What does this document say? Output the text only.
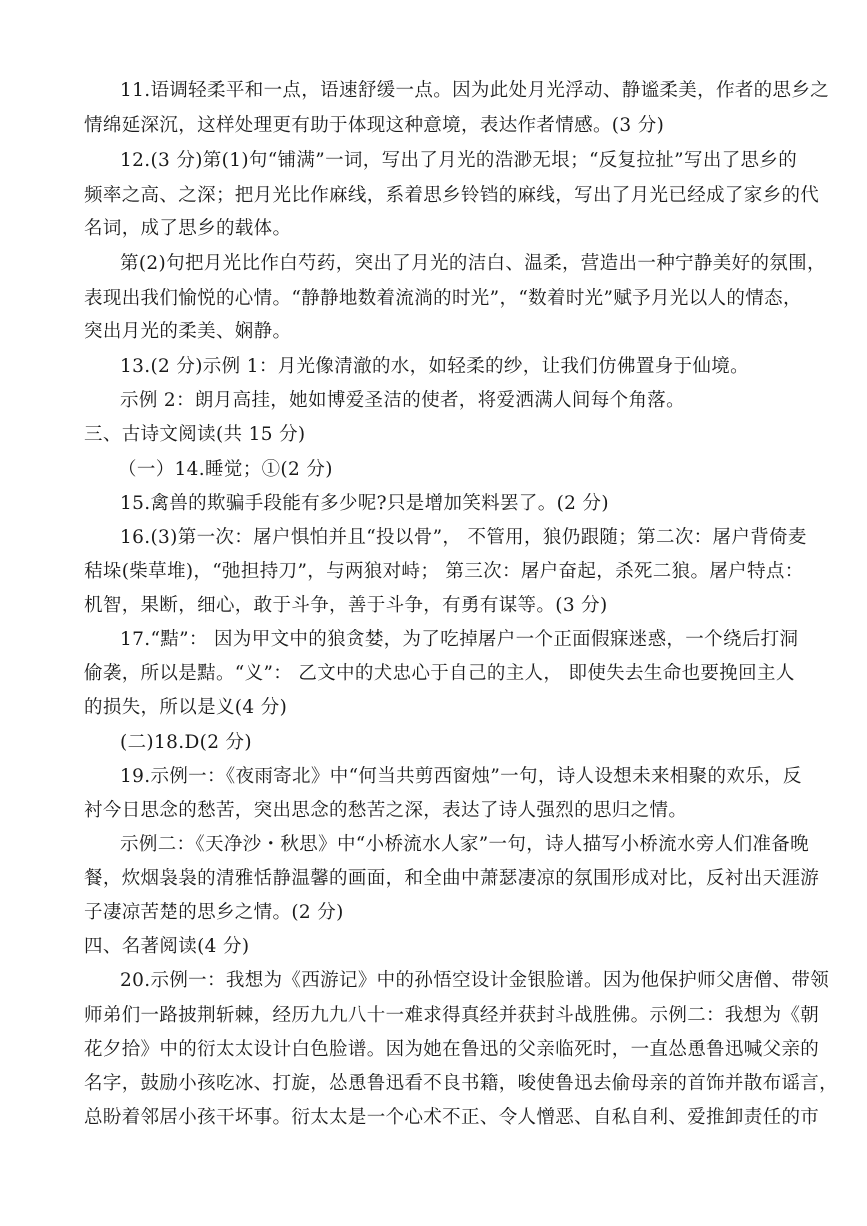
11.语调轻柔平和一点，语速舒缓一点。因为此处月光浮动、静谧柔美，作者的思乡之
情绵延深沉，这样处理更有助于体现这种意境，表达作者情感。(3 分)
12.(3 分)第(1)句“铺满”一词，写出了月光的浩渺无垠；“反复拉扯”写出了思乡的
频率之高、之深；把月光比作麻线，系着思乡铃铛的麻线，写出了月光已经成了家乡的代
名词，成了思乡的载体。
第(2)句把月光比作白芍药，突出了月光的洁白、温柔，营造出一种宁静美好的氛围，
表现出我们愉悦的心情。“静静地数着流淌的时光”，“数着时光”赋予月光以人的情态，
突出月光的柔美、娴静。
13.(2 分)示例 1：月光像清澈的水，如轻柔的纱，让我们仿佛置身于仙境。
示例 2：朗月高挂，她如博爱圣洁的使者，将爱洒满人间每个角落。
三、古诗文阅读(共 15 分)
（一）14.睡觉；①(2 分)
15.禽兽的欺骗手段能有多少呢?只是增加笑料罢了。(2 分)
16.(3)第一次：屠户惧怕并且“投以骨”， 不管用，狼仍跟随；第二次：屠户背倚麦
秸垛(柴草堆)，“弛担持刀”，与两狼对峙； 第三次：屠户奋起，杀死二狼。屠户特点：
机智，果断，细心，敢于斗争，善于斗争，有勇有谋等。(3 分)
17.“黠”： 因为甲文中的狼贪婪，为了吃掉屠户一个正面假寐迷惑，一个绕后打洞
偷袭，所以是黠。“义”： 乙文中的犬忠心于自己的主人， 即使失去生命也要挽回主人
的损失，所以是义(4 分)
(二)18.D(2 分)
19.示例一：《夜雨寄北》中“何当共剪西窗烛”一句，诗人设想未来相聚的欢乐，反
衬今日思念的愁苦，突出思念的愁苦之深，表达了诗人强烈的思归之情。
示例二：《天净沙・秋思》中“小桥流水人家”一句，诗人描写小桥流水旁人们准备晚
餐，炊烟袅袅的清雅恬静温馨的画面，和全曲中萧瑟凄凉的氛围形成对比，反衬出天涯游
子凄凉苦楚的思乡之情。(2 分)
四、名著阅读(4 分)
20.示例一：我想为《西游记》中的孙悟空设计金银脸谱。因为他保护师父唐僧、带领
师弟们一路披荆斩棘，经历九九八十一难求得真经并获封斗战胜佛。示例二：我想为《朝
花夕拾》中的衍太太设计白色脸谱。因为她在鲁迅的父亲临死时，一直怂恿鲁迅喊父亲的
名字，鼓励小孩吃冰、打旋，怂恿鲁迅看不良书籍，唆使鲁迅去偷母亲的首饰并散布谣言，
总盼着邻居小孩干坏事。衍太太是一个心术不正、令人憎恶、自私自利、爱推卸责任的市
